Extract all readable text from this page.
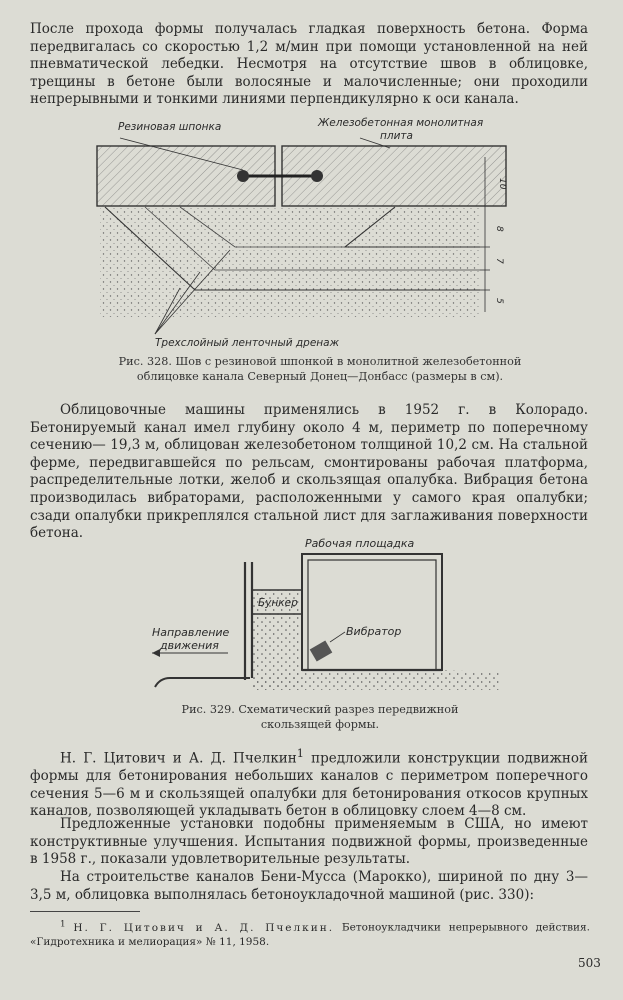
После прохода формы получалась гладкая поверхность бетона. Форма передвигалась со скоростью 1,2 м/мин при помощи установленной на ней пневматической лебедки. Несмотря на отсутствие швов в облицовке, трещины в бетоне были волосяные и малочисленные; они проходили непрерывными и тонкими линиями перпендикулярно к оси канала.

Резиновая шпонка	Железобетонная монолитная
плита
Трехслойный ленточный дренаж
10
8
7
5

Рис. 328. Шов с резиновой шпонкой в монолитной железобетонной
облицовке канала Северный Донец—Донбасс (размеры в см).

Облицовочные машины применялись в 1952 г. в Колорадо. Бетонируемый канал имел глубину около 4 м, периметр по поперечному сечению— 19,3 м, облицован железобетоном толщиной 10,2 см. На стальной ферме, передвигавшейся по рельсам, смонтированы рабочая платформа, распределительные лотки, желоб и скользящая опалубка. Вибрация бетона производилась вибраторами, расположенными у самого края опалубки; сзади опалубки прикреплялся стальной лист для заглаживания поверхности бетона.

Направление
движения
Бункер
Рабочая площадка
Вибратор

Рис. 329. Схематический разрез передвижной
скользящей формы.

Н. Г. Цитович и А. Д. Пчелкин$^1$ предложили конструкции подвижной формы для бетонирования небольших каналов с периметром поперечного сечения 5—6 м и скользящей опалубки для бетонирования откосов крупных каналов, позволяющей укладывать бетон в облицовку слоем 4—8 см.

Предложенные установки подобны применяемым в США, но имеют конструктивные улучшения. Испытания подвижной формы, произведенные в 1958 г., показали удовлетворительные результаты.

На строительстве каналов Бени-Мусса (Марокко), шириной по дну 3—3,5 м, облицовка выполнялась бетоноукладочной машиной (рис. 330):

$^1$ Н. Г. Цитович и А. Д. Пчелкин. Бетоноукладчики непрерывного действия. «Гидротехника и мелиорация» № 11, 1958.

503
